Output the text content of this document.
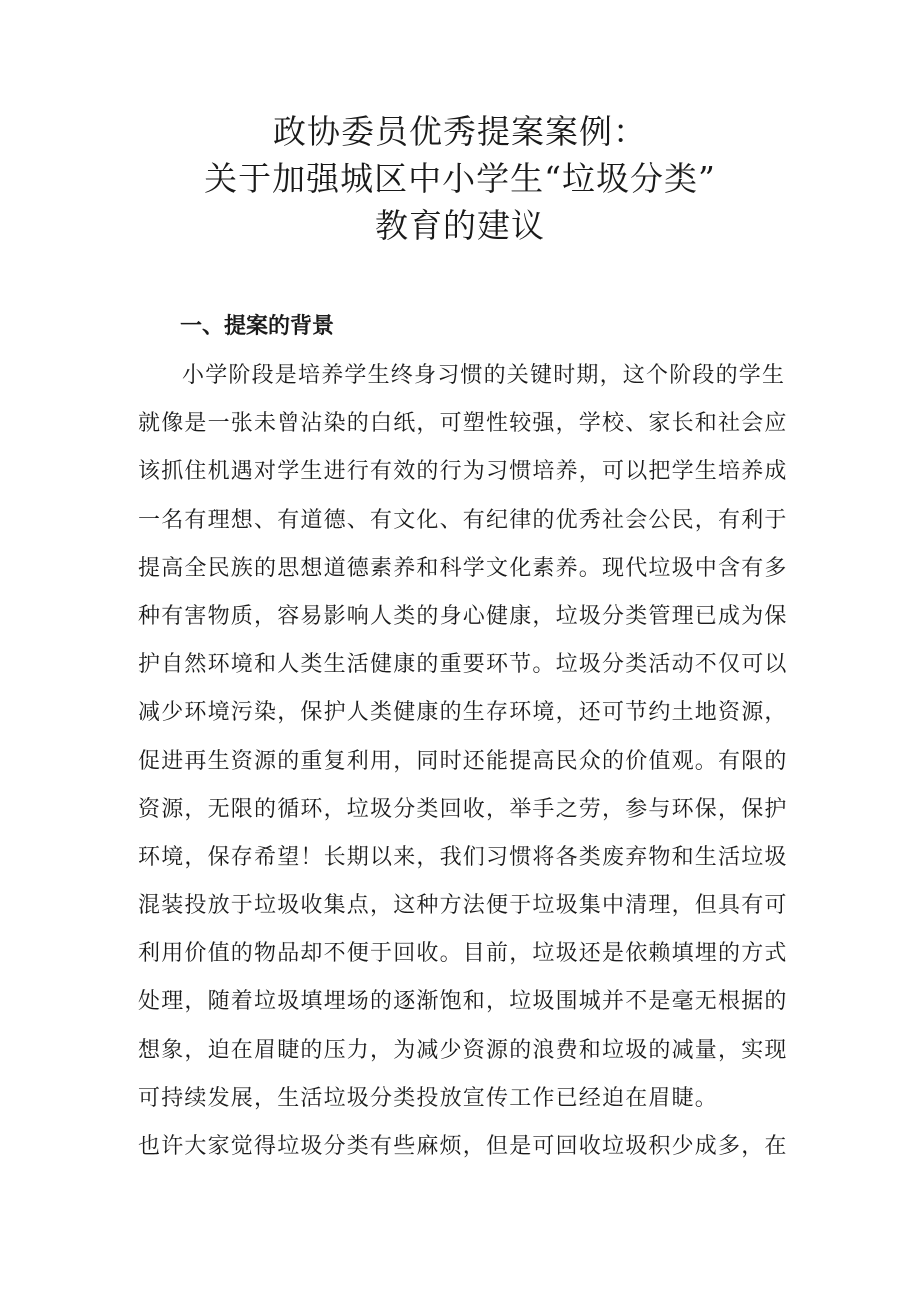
政协委员优秀提案案例：
关于加强城区中小学生“垃圾分类”
教育的建议
一、提案的背景
小学阶段是培养学生终身习惯的关键时期，这个阶段的学生
就像是一张未曾沾染的白纸，可塑性较强，学校、家长和社会应
该抓住机遇对学生进行有效的行为习惯培养，可以把学生培养成
一名有理想、有道德、有文化、有纪律的优秀社会公民，有利于
提高全民族的思想道德素养和科学文化素养。现代垃圾中含有多
种有害物质，容易影响人类的身心健康，垃圾分类管理已成为保
护自然环境和人类生活健康的重要环节。垃圾分类活动不仅可以
减少环境污染，保护人类健康的生存环境，还可节约土地资源，
促进再生资源的重复利用，同时还能提高民众的价值观。有限的
资源，无限的循环，垃圾分类回收，举手之劳，参与环保，保护
环境，保存希望！长期以来，我们习惯将各类废弃物和生活垃圾
混装投放于垃圾收集点，这种方法便于垃圾集中清理，但具有可
利用价值的物品却不便于回收。目前，垃圾还是依赖填埋的方式
处理，随着垃圾填埋场的逐渐饱和，垃圾围城并不是毫无根据的
想象，迫在眉睫的压力，为减少资源的浪费和垃圾的减量，实现
可持续发展，生活垃圾分类投放宣传工作已经迫在眉睫。
也许大家觉得垃圾分类有些麻烦，但是可回收垃圾积少成多，在
